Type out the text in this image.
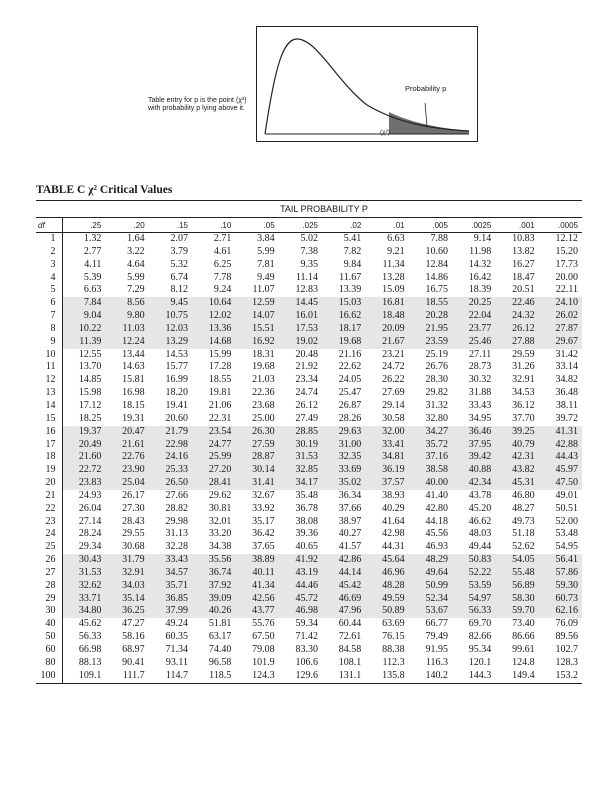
Table entry for p is the point (χ²) with probability p lying above it.
Probability p
(χ²)
TABLE C χ² Critical Values
TAIL PROBABILITY P
df	.25	.20	.15	.10	.05	.025	.02	.01	.005	.0025	.001	.0005
1	1.32	1.64	2.07	2.71	3.84	5.02	5.41	6.63	7.88	9.14	10.83	12.12
2	2.77	3.22	3.79	4.61	5.99	7.38	7.82	9.21	10.60	11.98	13.82	15.20
3	4.11	4.64	5.32	6.25	7.81	9.35	9.84	11.34	12.84	14.32	16.27	17.73
4	5.39	5.99	6.74	7.78	9.49	11.14	11.67	13.28	14.86	16.42	18.47	20.00
5	6.63	7.29	8.12	9.24	11.07	12.83	13.39	15.09	16.75	18.39	20.51	22.11
6	7.84	8.56	9.45	10.64	12.59	14.45	15.03	16.81	18.55	20.25	22.46	24.10
7	9.04	9.80	10.75	12.02	14.07	16.01	16.62	18.48	20.28	22.04	24.32	26.02
8	10.22	11.03	12.03	13.36	15.51	17.53	18.17	20.09	21.95	23.77	26.12	27.87
9	11.39	12.24	13.29	14.68	16.92	19.02	19.68	21.67	23.59	25.46	27.88	29.67
10	12.55	13.44	14.53	15.99	18.31	20.48	21.16	23.21	25.19	27.11	29.59	31.42
11	13.70	14.63	15.77	17.28	19.68	21.92	22.62	24.72	26.76	28.73	31.26	33.14
12	14.85	15.81	16.99	18.55	21.03	23.34	24.05	26.22	28.30	30.32	32.91	34.82
13	15.98	16.98	18.20	19.81	22.36	24.74	25.47	27.69	29.82	31.88	34.53	36.48
14	17.12	18.15	19.41	21.06	23.68	26.12	26.87	29.14	31.32	33.43	36.12	38.11
15	18.25	19.31	20.60	22.31	25.00	27.49	28.26	30.58	32.80	34.95	37.70	39.72
16	19.37	20.47	21.79	23.54	26.30	28.85	29.63	32.00	34.27	36.46	39.25	41.31
17	20.49	21.61	22.98	24.77	27.59	30.19	31.00	33.41	35.72	37.95	40.79	42.88
18	21.60	22.76	24.16	25.99	28.87	31.53	32.35	34.81	37.16	39.42	42.31	44.43
19	22.72	23.90	25.33	27.20	30.14	32.85	33.69	36.19	38.58	40.88	43.82	45.97
20	23.83	25.04	26.50	28.41	31.41	34.17	35.02	37.57	40.00	42.34	45.31	47.50
21	24.93	26.17	27.66	29.62	32.67	35.48	36.34	38.93	41.40	43.78	46.80	49.01
22	26.04	27.30	28.82	30.81	33.92	36.78	37.66	40.29	42.80	45.20	48.27	50.51
23	27.14	28.43	29.98	32.01	35.17	38.08	38.97	41.64	44.18	46.62	49.73	52.00
24	28.24	29.55	31.13	33.20	36.42	39.36	40.27	42.98	45.56	48.03	51.18	53.48
25	29.34	30.68	32.28	34.38	37.65	40.65	41.57	44.31	46.93	49.44	52.62	54.95
26	30.43	31.79	33.43	35.56	38.89	41.92	42.86	45.64	48.29	50.83	54.05	56.41
27	31.53	32.91	34.57	36.74	40.11	43.19	44.14	46.96	49.64	52.22	55.48	57.86
28	32.62	34.03	35.71	37.92	41.34	44.46	45.42	48.28	50.99	53.59	56.89	59.30
29	33.71	35.14	36.85	39.09	42.56	45.72	46.69	49.59	52.34	54.97	58.30	60.73
30	34.80	36.25	37.99	40.26	43.77	46.98	47.96	50.89	53.67	56.33	59.70	62.16
40	45.62	47.27	49.24	51.81	55.76	59.34	60.44	63.69	66.77	69.70	73.40	76.09
50	56.33	58.16	60.35	63.17	67.50	71.42	72.61	76.15	79.49	82.66	86.66	89.56
60	66.98	68.97	71.34	74.40	79.08	83.30	84.58	88.38	91.95	95.34	99.61	102.7
80	88.13	90.41	93.11	96.58	101.9	106.6	108.1	112.3	116.3	120.1	124.8	128.3
100	109.1	111.7	114.7	118.5	124.3	129.6	131.1	135.8	140.2	144.3	149.4	153.2
